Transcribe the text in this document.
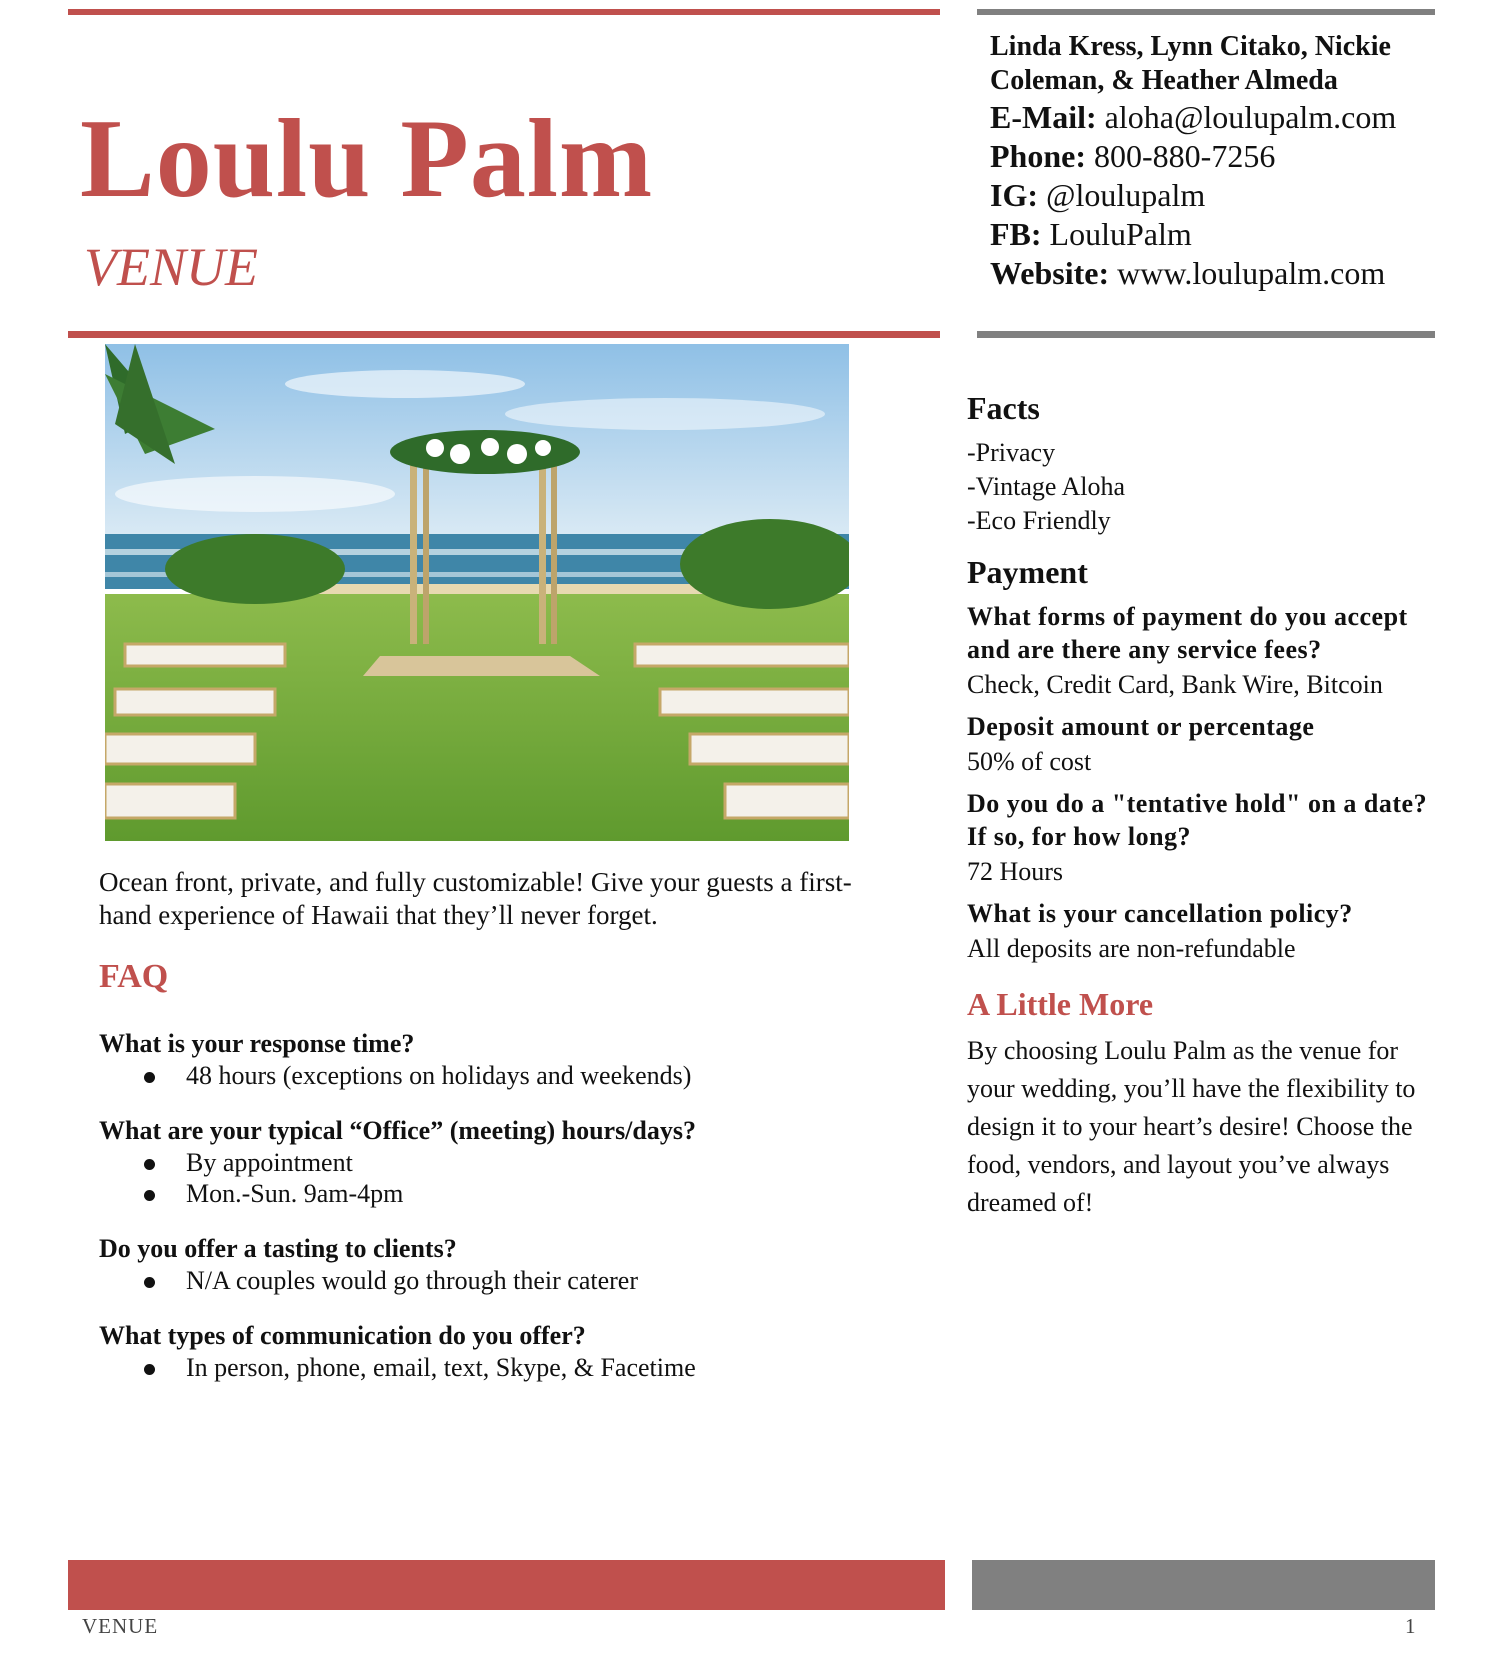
Loulu Palm
VENUE
Linda Kress, Lynn Citako, Nickie Coleman, & Heather Almeda
E-Mail: aloha@loulupalm.com
Phone: 800-880-7256
IG: @loulupalm
FB: LouluPalm
Website: www.loulupalm.com

Ocean front, private, and fully customizable! Give your guests a first-hand experience of Hawaii that they’ll never forget.

FAQ

What is your response time?

48 hours (exceptions on holidays and weekends)

What are your typical “Office” (meeting) hours/days?

By appointment
Mon.-Sun. 9am-4pm

Do you offer a tasting to clients?

N/A couples would go through their caterer

What types of communication do you offer?

In person, phone, email, text, Skype, & Facetime
Facts
-Privacy
-Vintage Aloha
-Eco Friendly
Payment

What forms of payment do you accept and are there any service fees?

Check, Credit Card, Bank Wire, Bitcoin

Deposit amount or percentage

50% of cost

Do you do a "tentative hold" on a date? If so, for how long?

72 Hours

What is your cancellation policy?

All deposits are non-refundable

A Little More

By choosing Loulu Palm as the venue for your wedding, you’ll have the flexibility to design it to your heart’s desire! Choose the food, vendors, and layout you’ve always dreamed of!

VENUE	1
